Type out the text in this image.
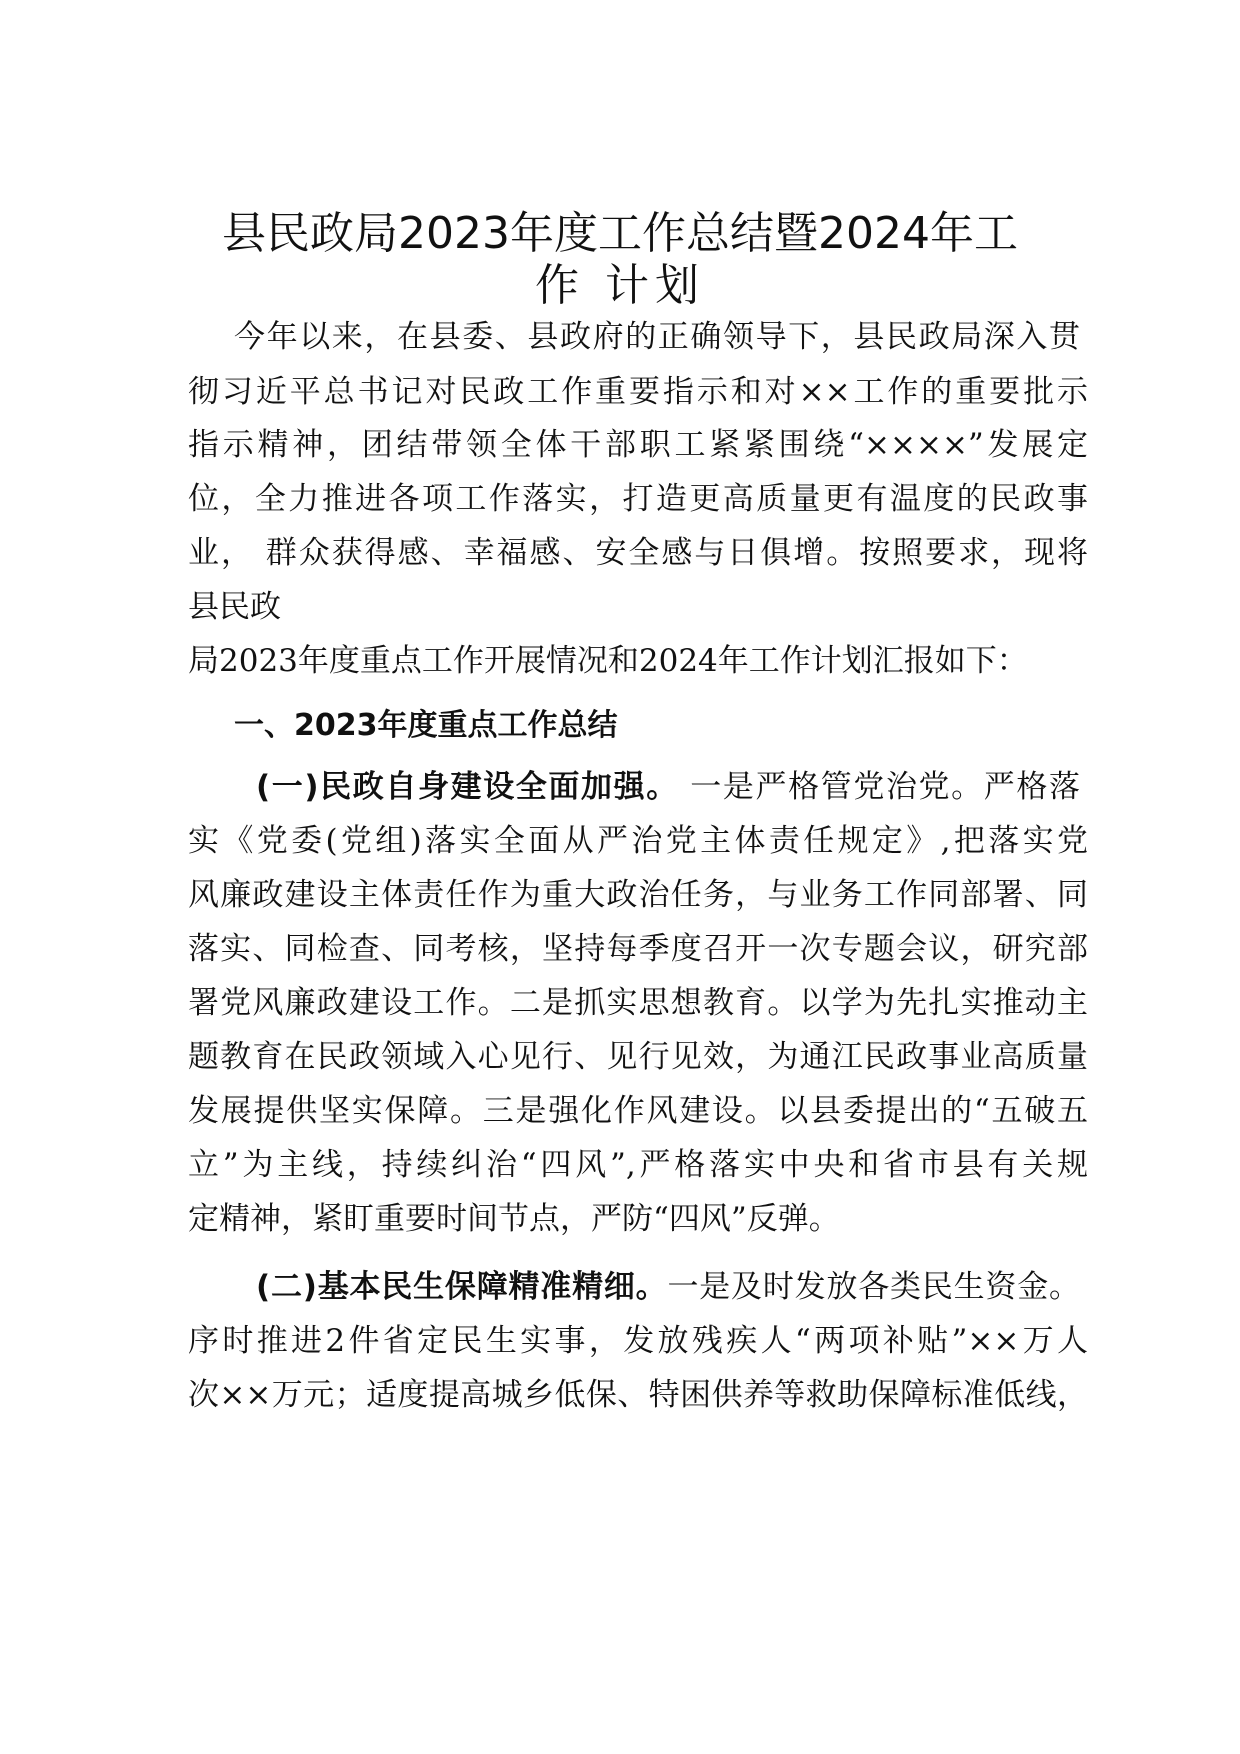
县民政局2023年度工作总结暨2024年工
作 计划
今年以来，在县委、县政府的正确领导下，县民政局深入贯
彻习近平总书记对民政工作重要指示和对××工作的重要批示
指示精神，团结带领全体干部职工紧紧围绕“××××”发展定
位，全力推进各项工作落实，打造更高质量更有温度的民政事
业， 群众获得感、幸福感、安全感与日俱增。按照要求，现将
县民政
局2023年度重点工作开展情况和2024年工作计划汇报如下：
一、2023年度重点工作总结
(一)民政自身建设全面加强。 一是严格管党治党。严格落
实《党委(党组)落实全面从严治党主体责任规定》,把落实党
风廉政建设主体责任作为重大政治任务，与业务工作同部署、同
落实、同检查、同考核，坚持每季度召开一次专题会议，研究部
署党风廉政建设工作。二是抓实思想教育。以学为先扎实推动主
题教育在民政领域入心见行、见行见效，为通江民政事业高质量
发展提供坚实保障。三是强化作风建设。以县委提出的“五破五
立”为主线，持续纠治“四风”,严格落实中央和省市县有关规
定精神，紧盯重要时间节点，严防“四风”反弹。
(二)基本民生保障精准精细。一是及时发放各类民生资金。
序时推进2件省定民生实事，发放残疾人“两项补贴”××万人
次××万元；适度提高城乡低保、特困供养等救助保障标准低线，
